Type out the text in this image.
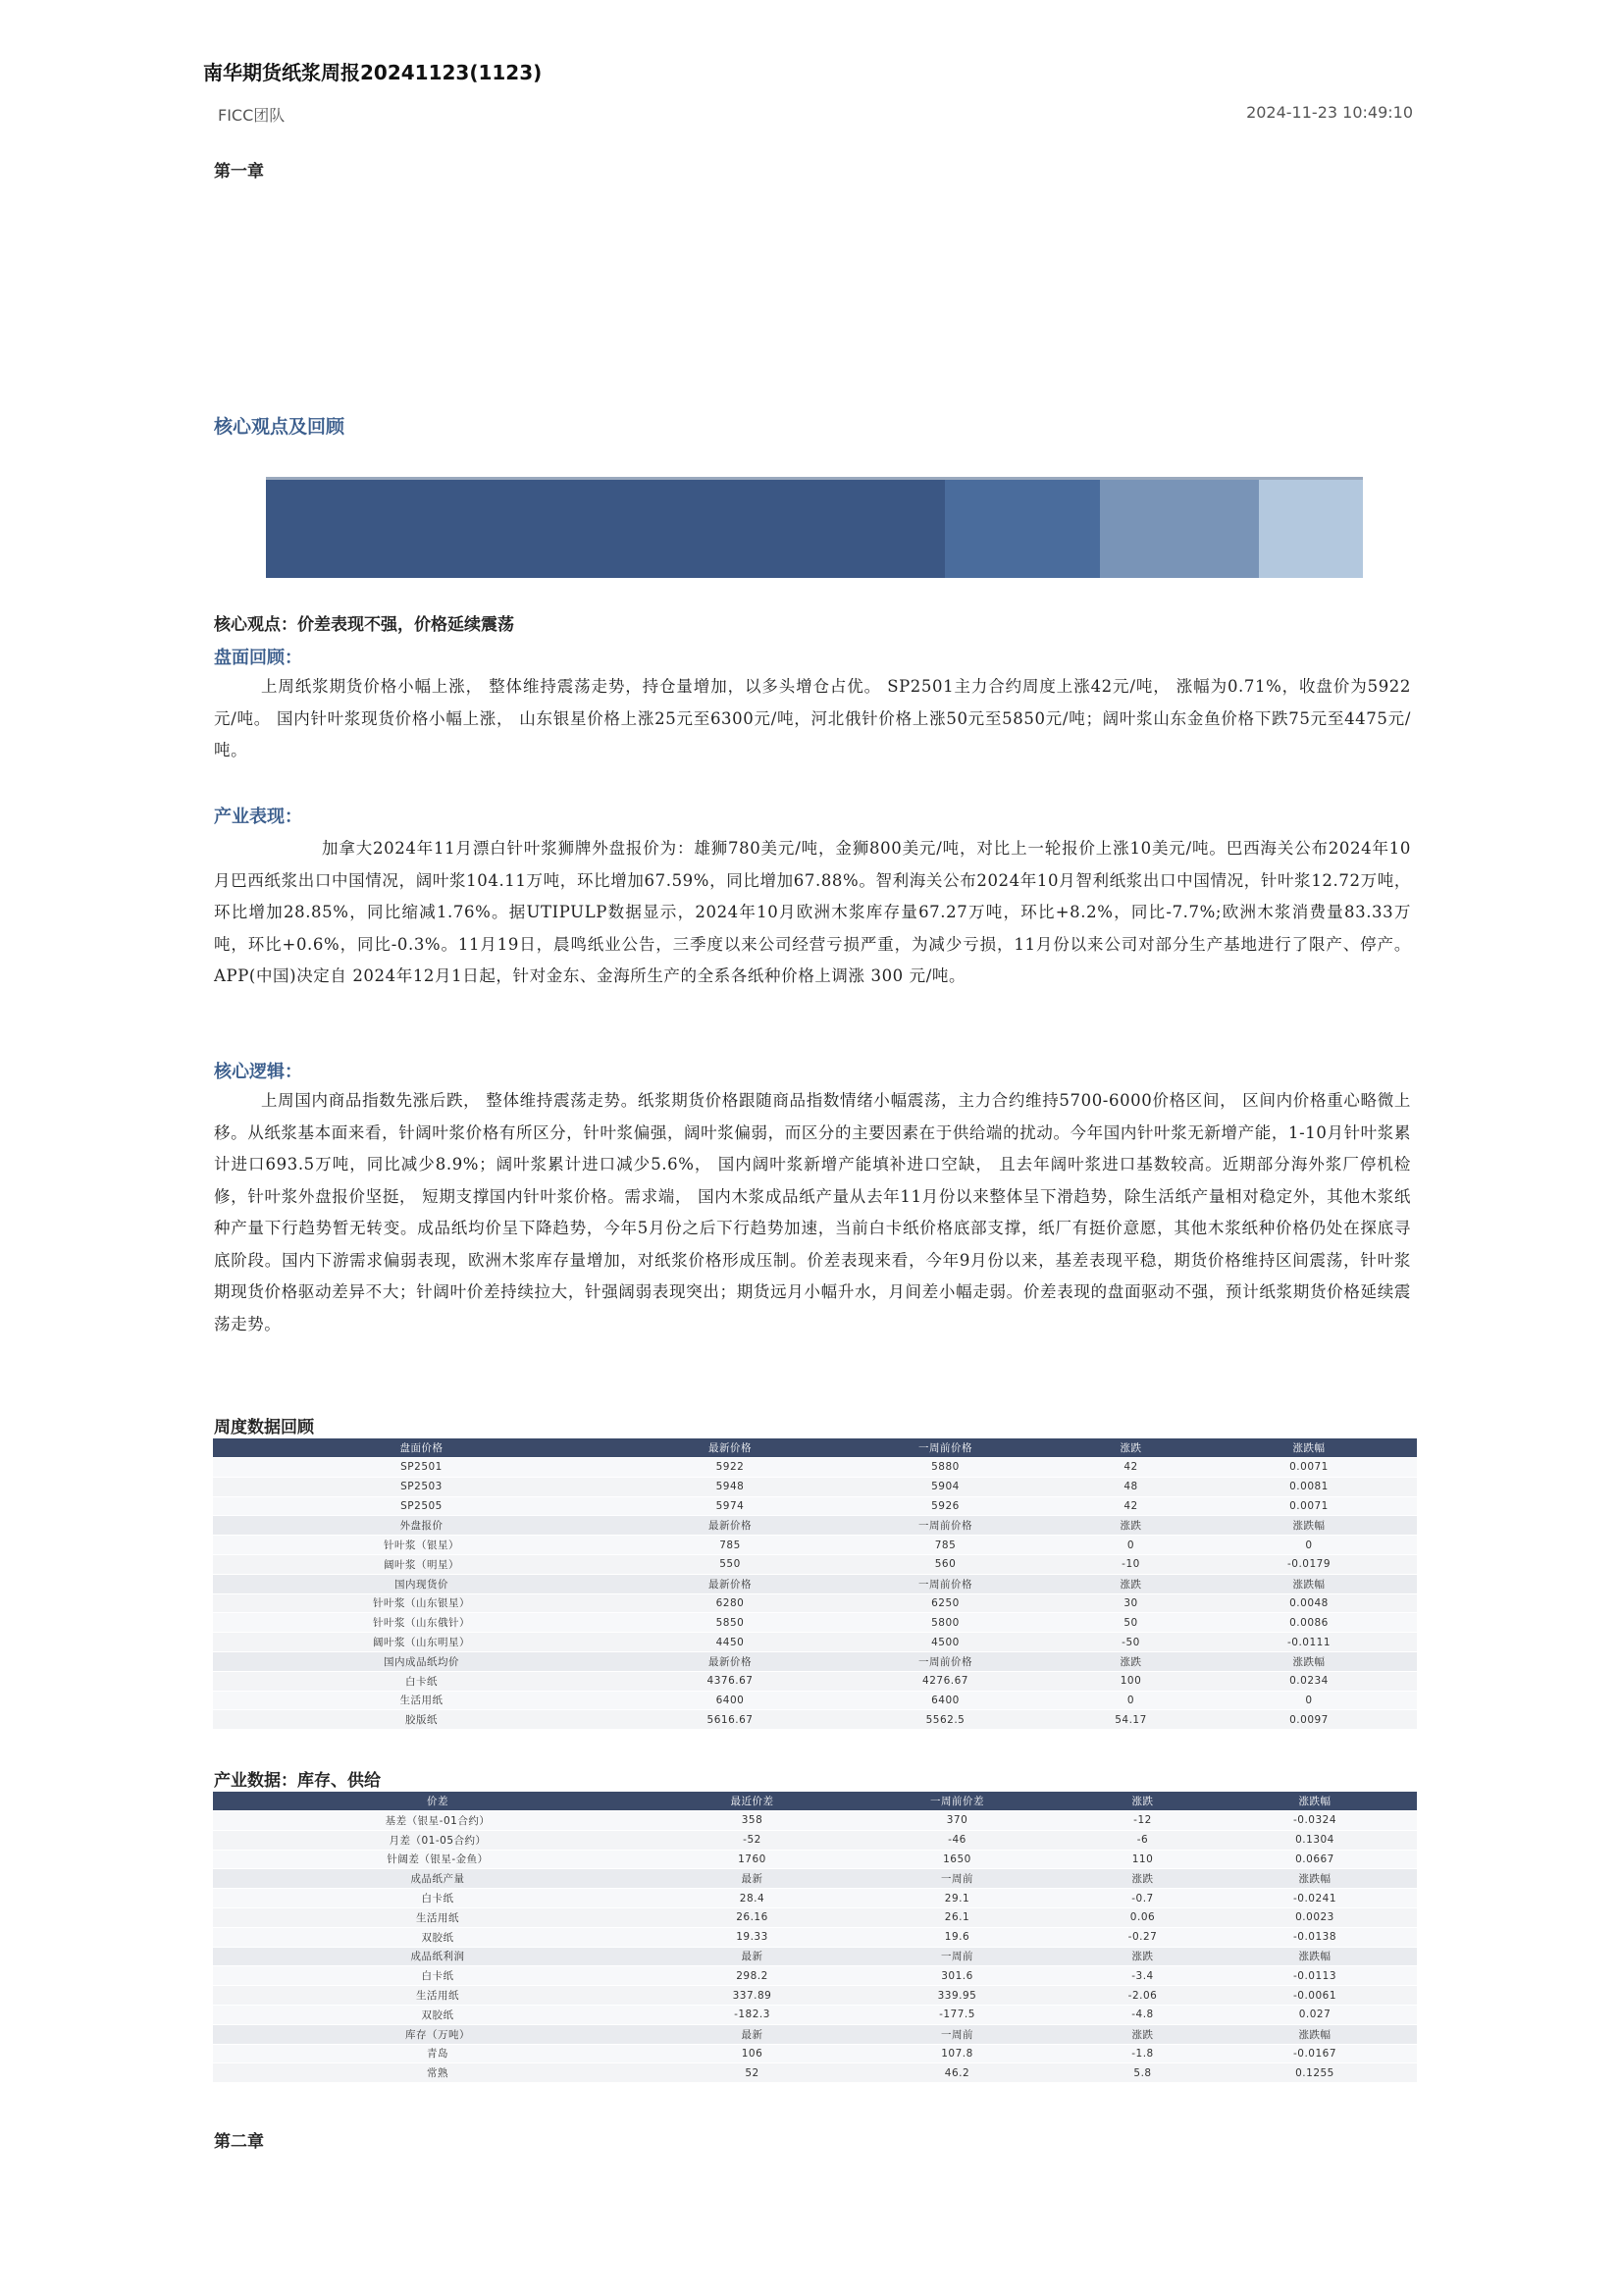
南华期货纸浆周报20241123(1123)
FICC团队	2024-11-23 10:49:10
第一章
核心观点及回顾
核心观点：价差表现不强，价格延续震荡
盘面回顾：
上周纸浆期货价格小幅上涨， 整体维持震荡走势，持仓量增加，以多头增仓占优。 SP2501主力合约周度上涨42元/吨， 涨幅为0.71%，收盘价为5922元/吨。 国内针叶浆现货价格小幅上涨， 山东银星价格上涨25元至6300元/吨，河北俄针价格上涨50元至5850元/吨；阔叶浆山东金鱼价格下跌75元至4475元/吨。
产业表现：
加拿大2024年11月漂白针叶浆狮牌外盘报价为：雄狮780美元/吨，金狮800美元/吨，对比上一轮报价上涨10美元/吨。巴西海关公布2024年10月巴西纸浆出口中国情况，阔叶浆104.11万吨，环比增加67.59%，同比增加67.88%。智利海关公布2024年10月智利纸浆出口中国情况，针叶浆12.72万吨，环比增加28.85%，同比缩减1.76%。据UTIPULP数据显示，2024年10月欧洲木浆库存量67.27万吨，环比+8.2%，同比-7.7%;欧洲木浆消费量83.33万吨，环比+0.6%，同比-0.3%。11月19日，晨鸣纸业公告，三季度以来公司经营亏损严重，为减少亏损，11月份以来公司对部分生产基地进行了限产、停产。APP(中国)决定自 2024年12月1日起，针对金东、金海所生产的全系各纸种价格上调涨 300 元/吨。
核心逻辑：
上周国内商品指数先涨后跌， 整体维持震荡走势。纸浆期货价格跟随商品指数情绪小幅震荡，主力合约维持5700-6000价格区间， 区间内价格重心略微上移。从纸浆基本面来看，针阔叶浆价格有所区分，针叶浆偏强，阔叶浆偏弱，而区分的主要因素在于供给端的扰动。今年国内针叶浆无新增产能，1-10月针叶浆累计进口693.5万吨，同比减少8.9%；阔叶浆累计进口减少5.6%， 国内阔叶浆新增产能填补进口空缺， 且去年阔叶浆进口基数较高。近期部分海外浆厂停机检修，针叶浆外盘报价坚挺， 短期支撑国内针叶浆价格。需求端， 国内木浆成品纸产量从去年11月份以来整体呈下滑趋势，除生活纸产量相对稳定外，其他木浆纸种产量下行趋势暂无转变。成品纸均价呈下降趋势，今年5月份之后下行趋势加速，当前白卡纸价格底部支撑，纸厂有挺价意愿，其他木浆纸种价格仍处在探底寻底阶段。国内下游需求偏弱表现，欧洲木浆库存量增加，对纸浆价格形成压制。价差表现来看，今年9月份以来，基差表现平稳，期货价格维持区间震荡，针叶浆期现货价格驱动差异不大；针阔叶价差持续拉大，针强阔弱表现突出；期货远月小幅升水，月间差小幅走弱。价差表现的盘面驱动不强，预计纸浆期货价格延续震荡走势。
周度数据回顾
盘面价格	最新价格	一周前价格	涨跌	涨跌幅
SP2501	5922	5880	42	0.0071
SP2503	5948	5904	48	0.0081
SP2505	5974	5926	42	0.0071
外盘报价	最新价格	一周前价格	涨跌	涨跌幅
针叶浆（银星）	785	785	0	0
阔叶浆（明星）	550	560	-10	-0.0179
国内现货价	最新价格	一周前价格	涨跌	涨跌幅
针叶浆（山东银星）	6280	6250	30	0.0048
针叶浆（山东俄针）	5850	5800	50	0.0086
阔叶浆（山东明星）	4450	4500	-50	-0.0111
国内成品纸均价	最新价格	一周前价格	涨跌	涨跌幅
白卡纸	4376.67	4276.67	100	0.0234
生活用纸	6400	6400	0	0
胶版纸	5616.67	5562.5	54.17	0.0097
产业数据：库存、供给
价差	最近价差	一周前价差	涨跌	涨跌幅
基差（银星-01合约）	358	370	-12	-0.0324
月差（01-05合约）	-52	-46	-6	0.1304
针阔差（银星-金鱼）	1760	1650	110	0.0667
成品纸产量	最新	一周前	涨跌	涨跌幅
白卡纸	28.4	29.1	-0.7	-0.0241
生活用纸	26.16	26.1	0.06	0.0023
双胶纸	19.33	19.6	-0.27	-0.0138
成品纸利润	最新	一周前	涨跌	涨跌幅
白卡纸	298.2	301.6	-3.4	-0.0113
生活用纸	337.89	339.95	-2.06	-0.0061
双胶纸	-182.3	-177.5	-4.8	0.027
库存（万吨）	最新	一周前	涨跌	涨跌幅
青岛	106	107.8	-1.8	-0.0167
常熟	52	46.2	5.8	0.1255
第二章
